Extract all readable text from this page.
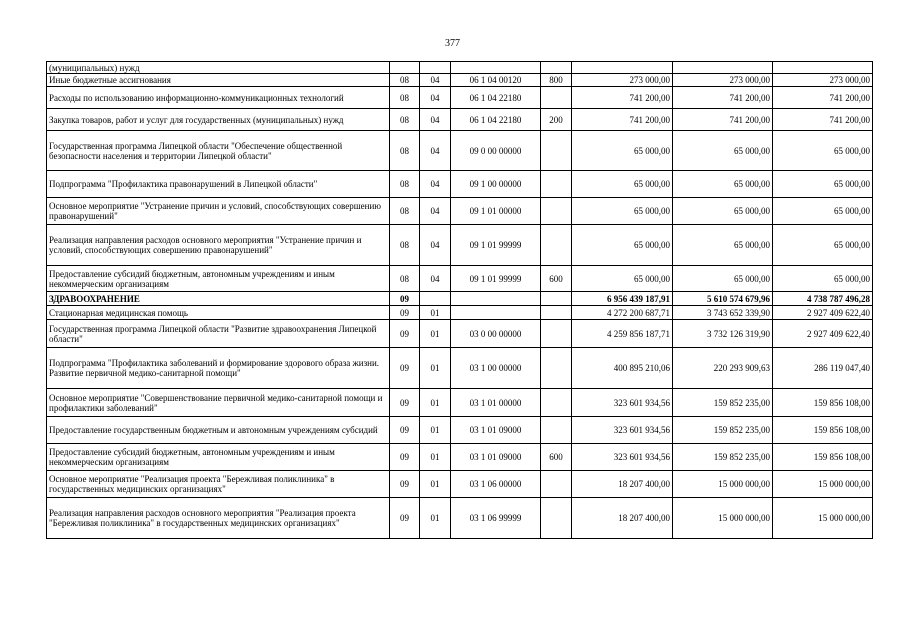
377
(муниципальных) нужд							
Иные бюджетные ассигнования	08	04	06 1 04 00120	800	273 000,00	273 000,00	273 000,00
Расходы по использованию информационно-коммуникационных технологий	08	04	06 1 04 22180		741 200,00	741 200,00	741 200,00
Закупка товаров, работ и услуг для государственных (муниципальных) нужд	08	04	06 1 04 22180	200	741 200,00	741 200,00	741 200,00
Государственная программа Липецкой области "Обеспечение общественной безопасности населения и территории Липецкой области"	08	04	09 0 00 00000		65 000,00	65 000,00	65 000,00
Подпрограмма "Профилактика правонарушений в Липецкой области"	08	04	09 1 00 00000		65 000,00	65 000,00	65 000,00
Основное мероприятие "Устранение причин и условий, способствующих совершению правонарушений"	08	04	09 1 01 00000		65 000,00	65 000,00	65 000,00
Реализация направления расходов основного мероприятия "Устранение причин и условий, способствующих совершению правонарушений"	08	04	09 1 01 99999		65 000,00	65 000,00	65 000,00
Предоставление субсидий бюджетным, автономным учреждениям и иным некоммерческим организациям	08	04	09 1 01 99999	600	65 000,00	65 000,00	65 000,00
ЗДРАВООХРАНЕНИЕ	09				6 956 439 187,91	5 610 574 679,96	4 738 787 496,28
Стационарная медицинская помощь	09	01			4 272 200 687,71	3 743 652 339,90	2 927 409 622,40
Государственная программа Липецкой области "Развитие здравоохранения Липецкой области"	09	01	03 0 00 00000		4 259 856 187,71	3 732 126 319,90	2 927 409 622,40
Подпрограмма "Профилактика заболеваний и формирование здорового образа жизни. Развитие первичной медико-санитарной помощи"	09	01	03 1 00 00000		400 895 210,06	220 293 909,63	286 119 047,40
Основное мероприятие "Совершенствование первичной медико-санитарной помощи и профилактики заболеваний"	09	01	03 1 01 00000		323 601 934,56	159 852 235,00	159 856 108,00
Предоставление государственным бюджетным и автономным учреждениям субсидий	09	01	03 1 01 09000		323 601 934,56	159 852 235,00	159 856 108,00
Предоставление субсидий бюджетным, автономным учреждениям и иным некоммерческим организациям	09	01	03 1 01 09000	600	323 601 934,56	159 852 235,00	159 856 108,00
Основное мероприятие "Реализация проекта "Бережливая поликлиника" в государственных медицинских организациях"	09	01	03 1 06 00000		18 207 400,00	15 000 000,00	15 000 000,00
Реализация направления расходов основного мероприятия "Реализация проекта "Бережливая поликлиника" в государственных медицинских организациях"	09	01	03 1 06 99999		18 207 400,00	15 000 000,00	15 000 000,00
